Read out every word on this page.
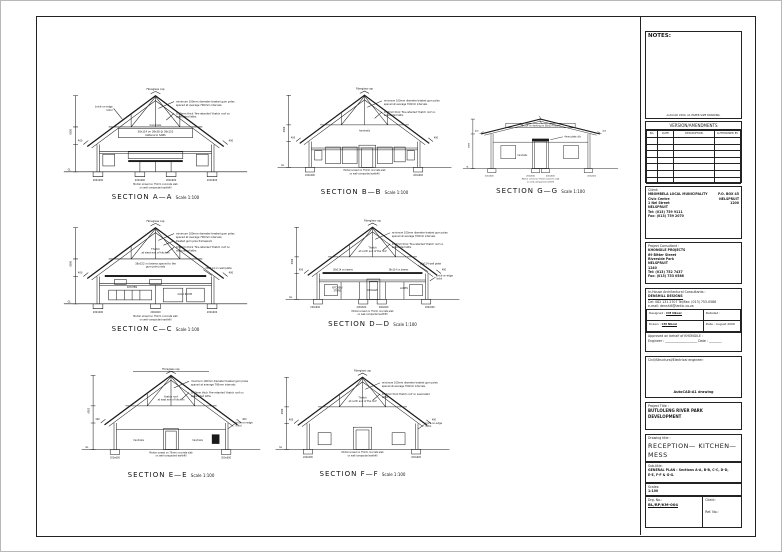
6500
Fibreglass cap
handrails
38x114 on 38x38 @ 38x152
battens to SABS
400	400
brick-on-edge
lintol
minimum 100mm diameter treated gum poles
spaced at average 700mm intervals
0.50mm thick 'fire-retarded' thatch roof on
associated laths
GL
200x600	200x600	200x600	200x600
Mortar screed on 75mm concrete slab
on well-compacted earthfill
SECTION A—A Scale 1:100
6500
Fibreglass cap
handrails
400	400
minimum 100mm diameter treated gum poles
spaced at average 700mm intervals
0.50mm thick 'fire-retarded' thatch roof on
associated laths
GL
200x600	200x600
Mortar screed on 75mm concrete slab
on well-compacted earthfill
SECTION B—B Scale 1:100
3000
38x114 on decking on 38x114 beams
400	400
4mm plate cills
handrails
GL
200x600	200x600	200x600	200x600
Mortar screed on 75mm concrete slab
on well-compacted earthfill
SECTION G—G Scale 1:100
6500
Fibreglass cap
Thatch
at west end of kitchen
38x152 on beams spaced to the
gum pole joists
KITCHEN
COLD ROOM
400	400
minimum 100mm diameter treated gum poles
spaced at average 700mm intervals
treated gum pole framework
0.50mm thick 'fire-retarded' thatch roof on
associated laths
38x114 on wall plate
GL
200x600	200x600	200x600
Mortar screed on 75mm concrete slab
on well-compacted earthfill
SECTION C—C Scale 1:100
6500
Fibreglass cap
Thatch
at north end of the roof
38x114 on beams	38x114 on beams
KITCHEN/
STORE	PASSAGE
LADIES
400	400
minimum 100mm diameter treated gum poles
spaced at average 700mm intervals
0.50mm thick 'fire-retarded' thatch roof on
associated laths
38x114 wall plate
brick-on-edge
lintol
GL
200x600	200x600	200x600	200x600
Mortar screed on 75mm concrete slab
on well-compacted earthfill
SECTION D—D Scale 1:100
6500
Fibreglass cap
thatch roof
at east end of kitchen
handrails	handrails
400	400
minimum 100mm diameter treated gum poles
spaced at average 700mm intervals
0.50mm thick 'fire-retarded' thatch roof on
associated laths
brick-on-edge
lintol
GL
200x600	200x600
Mortar screed on 75mm concrete slab
on well-compacted earthfill
SECTION E—E Scale 1:100
6500
Fibreglass cap
Thatch
at north end of the roof
400	400
minimum 100mm diameter treated gum poles
spaced at average 700mm intervals
0.50mm thick thatch roof on associated
laths
brick-on-edge
lintol
GL
200x600	200x600
Mortar screed on 75mm concrete slab
on well-compacted earthfill
SECTION F—F Scale 1:100
NOTES:
AutoCAD 2000, A1 PAPER SIZE DRAWING.
VERSION/AMENDMENTS
No.	DATE	DESCRIPTION	AUTHORISED BY

Client:
MBOMBELA LOCAL MUNICIPALITY
Civic Centre
1 Nel Street
NELSPRUIT
P.O. BOX 45
NELSPRUIT
1200
Tel: (013) 759 9111
Fax: (013) 759 2070
Project Consultant :
KHONGILE PROJECTS
69 Bitter Street
Riverside Park
NELSPRUIT
1240
Tel: (013) 752 7437
Fax: (013) 753 0586
In-House Architectural Consultants :
DENSHILL DESIGNS
Cel: 082 131 2707 Tel/Fax: (013) 753-0586
e-mail: denshill@lantic.co.za
Designed : CM Nkosi	Detailed :
Drawn : CM Nkosi	Date : August 2006
Approved on behalf of KHONGILE :
Engineer : ____________________ Date : ________
Civil/Structural/Electrical engineer:
AutoCAD:A1 drawing
Project Title :
BUTLOLENG RIVER PARK
DEVELOPMENT
Drawing title :
RECEPTION— KITCHEN—
MESS
Sub-title:
GENERAL PLAN : Sections A-A, B-B, C-C, D-D,
E-E, F-F & G-G.
Scales:
1:100
Drg. No.:
BL/RP/KM-004
Client:
Ref. No.:
